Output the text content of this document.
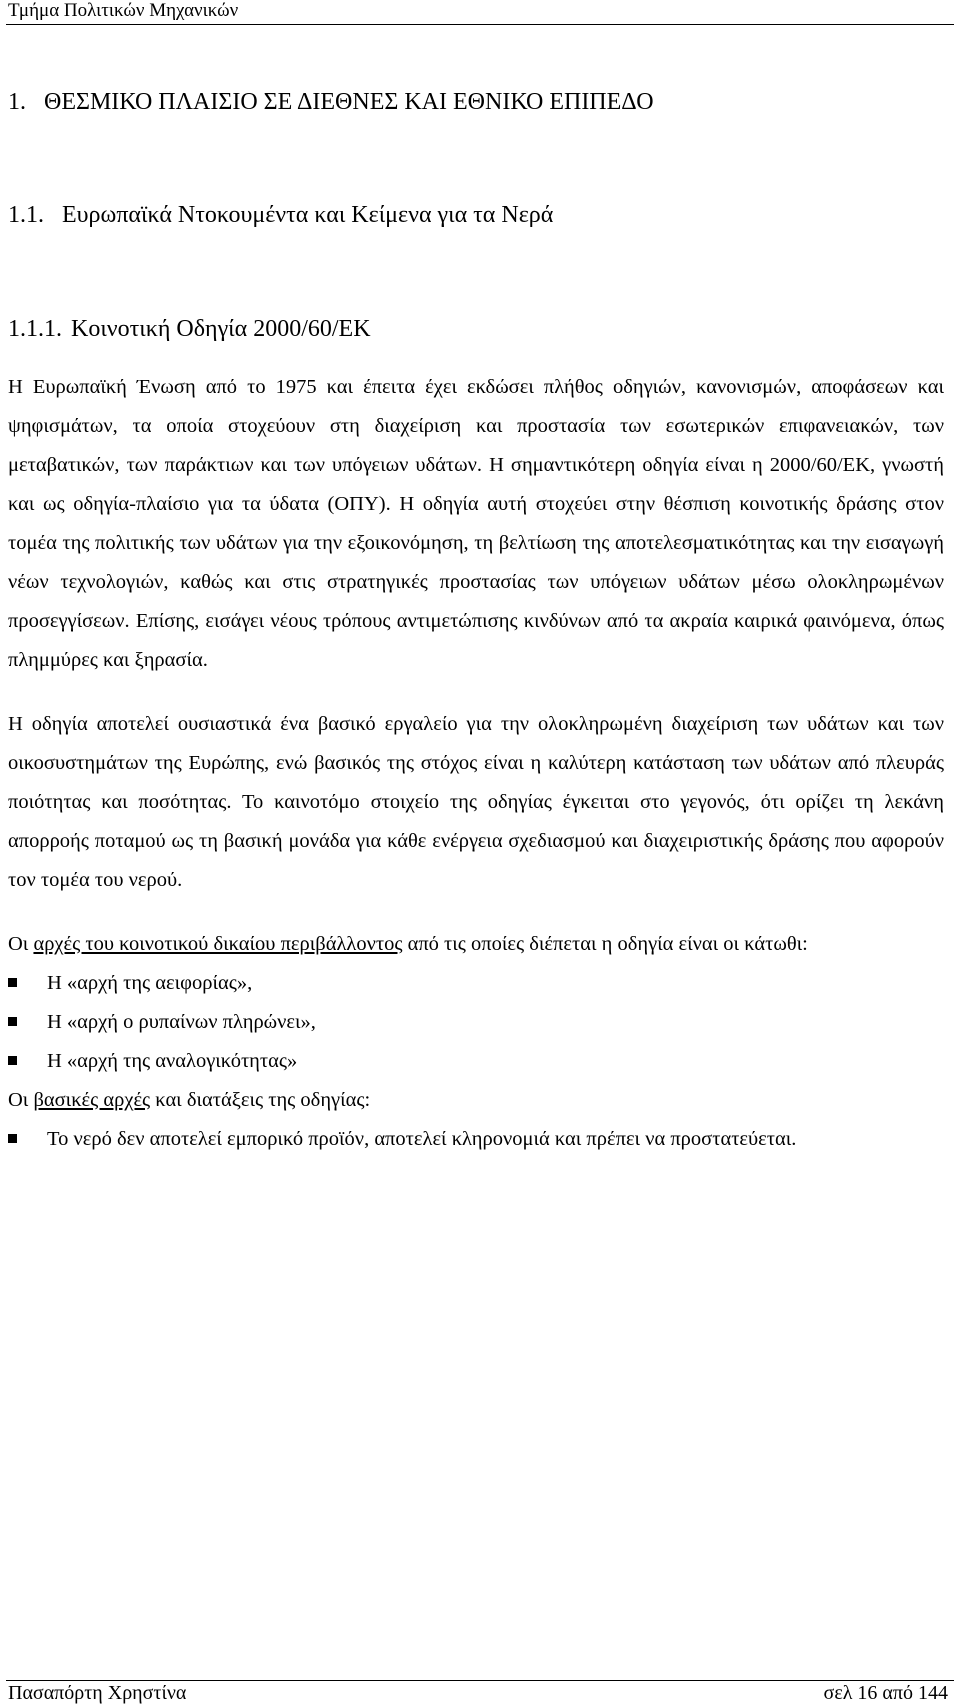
Τμήμα Πολιτικών Μηχανικών
1. ΘΕΣΜΙΚΟ ΠΛΑΙΣΙΟ ΣΕ ΔΙΕΘΝΕΣ ΚΑΙ ΕΘΝΙΚΟ ΕΠΙΠΕΔΟ
1.1. Ευρωπαϊκά Ντοκουμέντα και Κείμενα για τα Νερά
1.1.1. Κοινοτική Οδηγία 2000/60/ΕΚ

Η Ευρωπαϊκή Ένωση από το 1975 και έπειτα έχει εκδώσει πλήθος οδηγιών, κανονισμών, αποφάσεων και ψηφισμάτων, τα οποία στοχεύουν στη διαχείριση και προστασία των εσωτερικών επιφανειακών, των μεταβατικών, των παράκτιων και των υπόγειων υδάτων. Η σημαντικότερη οδηγία είναι η 2000/60/ΕΚ, γνωστή και ως οδηγία-πλαίσιο για τα ύδατα (ΟΠΥ). Η οδηγία αυτή στοχεύει στην θέσπιση κοινοτικής δράσης στον τομέα της πολιτικής των υδάτων για την εξοικονόμηση, τη βελτίωση της αποτελεσματικότητας και την εισαγωγή νέων τεχνολογιών, καθώς και στις στρατηγικές προστασίας των υπόγειων υδάτων μέσω ολοκληρωμένων προσεγγίσεων. Επίσης, εισάγει νέους τρόπους αντιμετώπισης κινδύνων από τα ακραία καιρικά φαινόμενα, όπως πλημμύρες και ξηρασία.

Η οδηγία αποτελεί ουσιαστικά ένα βασικό εργαλείο για την ολοκληρωμένη διαχείριση των υδάτων και των οικοσυστημάτων της Ευρώπης, ενώ βασικός της στόχος είναι η καλύτερη κατάσταση των υδάτων από πλευράς ποιότητας και ποσότητας. Το καινοτόμο στοιχείο της οδηγίας έγκειται στο γεγονός, ότι ορίζει τη λεκάνη απορροής ποταμού ως τη βασική μονάδα για κάθε ενέργεια σχεδιασμού και διαχειριστικής δράσης που αφορούν τον τομέα του νερού.

Οι αρχές του κοινοτικού δικαίου περιβάλλοντος από τις οποίες διέπεται η οδηγία είναι οι κάτωθι:

Η «αρχή της αειφορίας»,
Η «αρχή ο ρυπαίνων πληρώνει»,
Η «αρχή της αναλογικότητας»

Οι βασικές αρχές και διατάξεις της οδηγίας:

Το νερό δεν αποτελεί εμπορικό προϊόν, αποτελεί κληρονομιά και πρέπει να προστατεύεται.
Πασαπόρτη Χρηστίνα	σελ 16 από 144
